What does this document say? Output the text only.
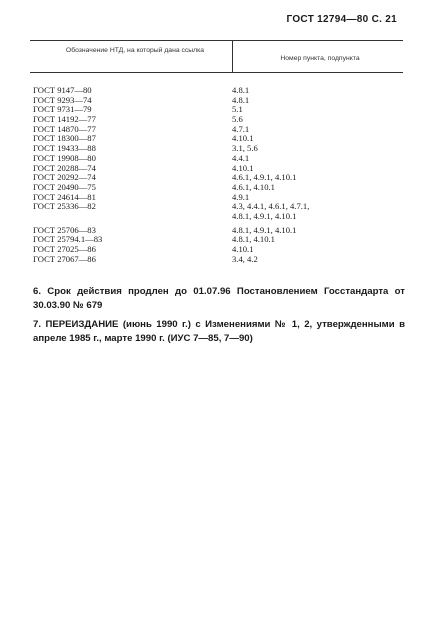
ГОСТ 12794—80 С. 21
Обозначение НТД, на который дана ссылка
Номер пункта, подпункта
ГОСТ 9147—80	4.8.1
ГОСТ 9293—74	4.8.1
ГОСТ 9731—79	5.1
ГОСТ 14192—77	5.6
ГОСТ 14870—77	4.7.1
ГОСТ 18300—87	4.10.1
ГОСТ 19433—88	3.1, 5.6
ГОСТ 19908—80	4.4.1
ГОСТ 20288—74	4.10.1
ГОСТ 20292—74	4.6.1, 4.9.1, 4.10.1
ГОСТ 20490—75	4.6.1, 4.10.1
ГОСТ 24614—81	4.9.1
ГОСТ 25336—82	4.3, 4.4.1, 4.6.1, 4.7.1,
4.8.1, 4.9.1, 4.10.1
ГОСТ 25706—83	4.8.1, 4.9.1, 4.10.1
ГОСТ 25794.1—83	4.8.1, 4.10.1
ГОСТ 27025—86	4.10.1
ГОСТ 27067—86	3.4, 4.2
6. Срок действия продлен до 01.07.96 Постановлением Госстандарта от 30.03.90 № 679
7. ПЕРЕИЗДАНИЕ (июнь 1990 г.) с Изменениями № 1, 2, утвержденными в апреле 1985 г., марте 1990 г. (ИУС 7—85, 7—90)
